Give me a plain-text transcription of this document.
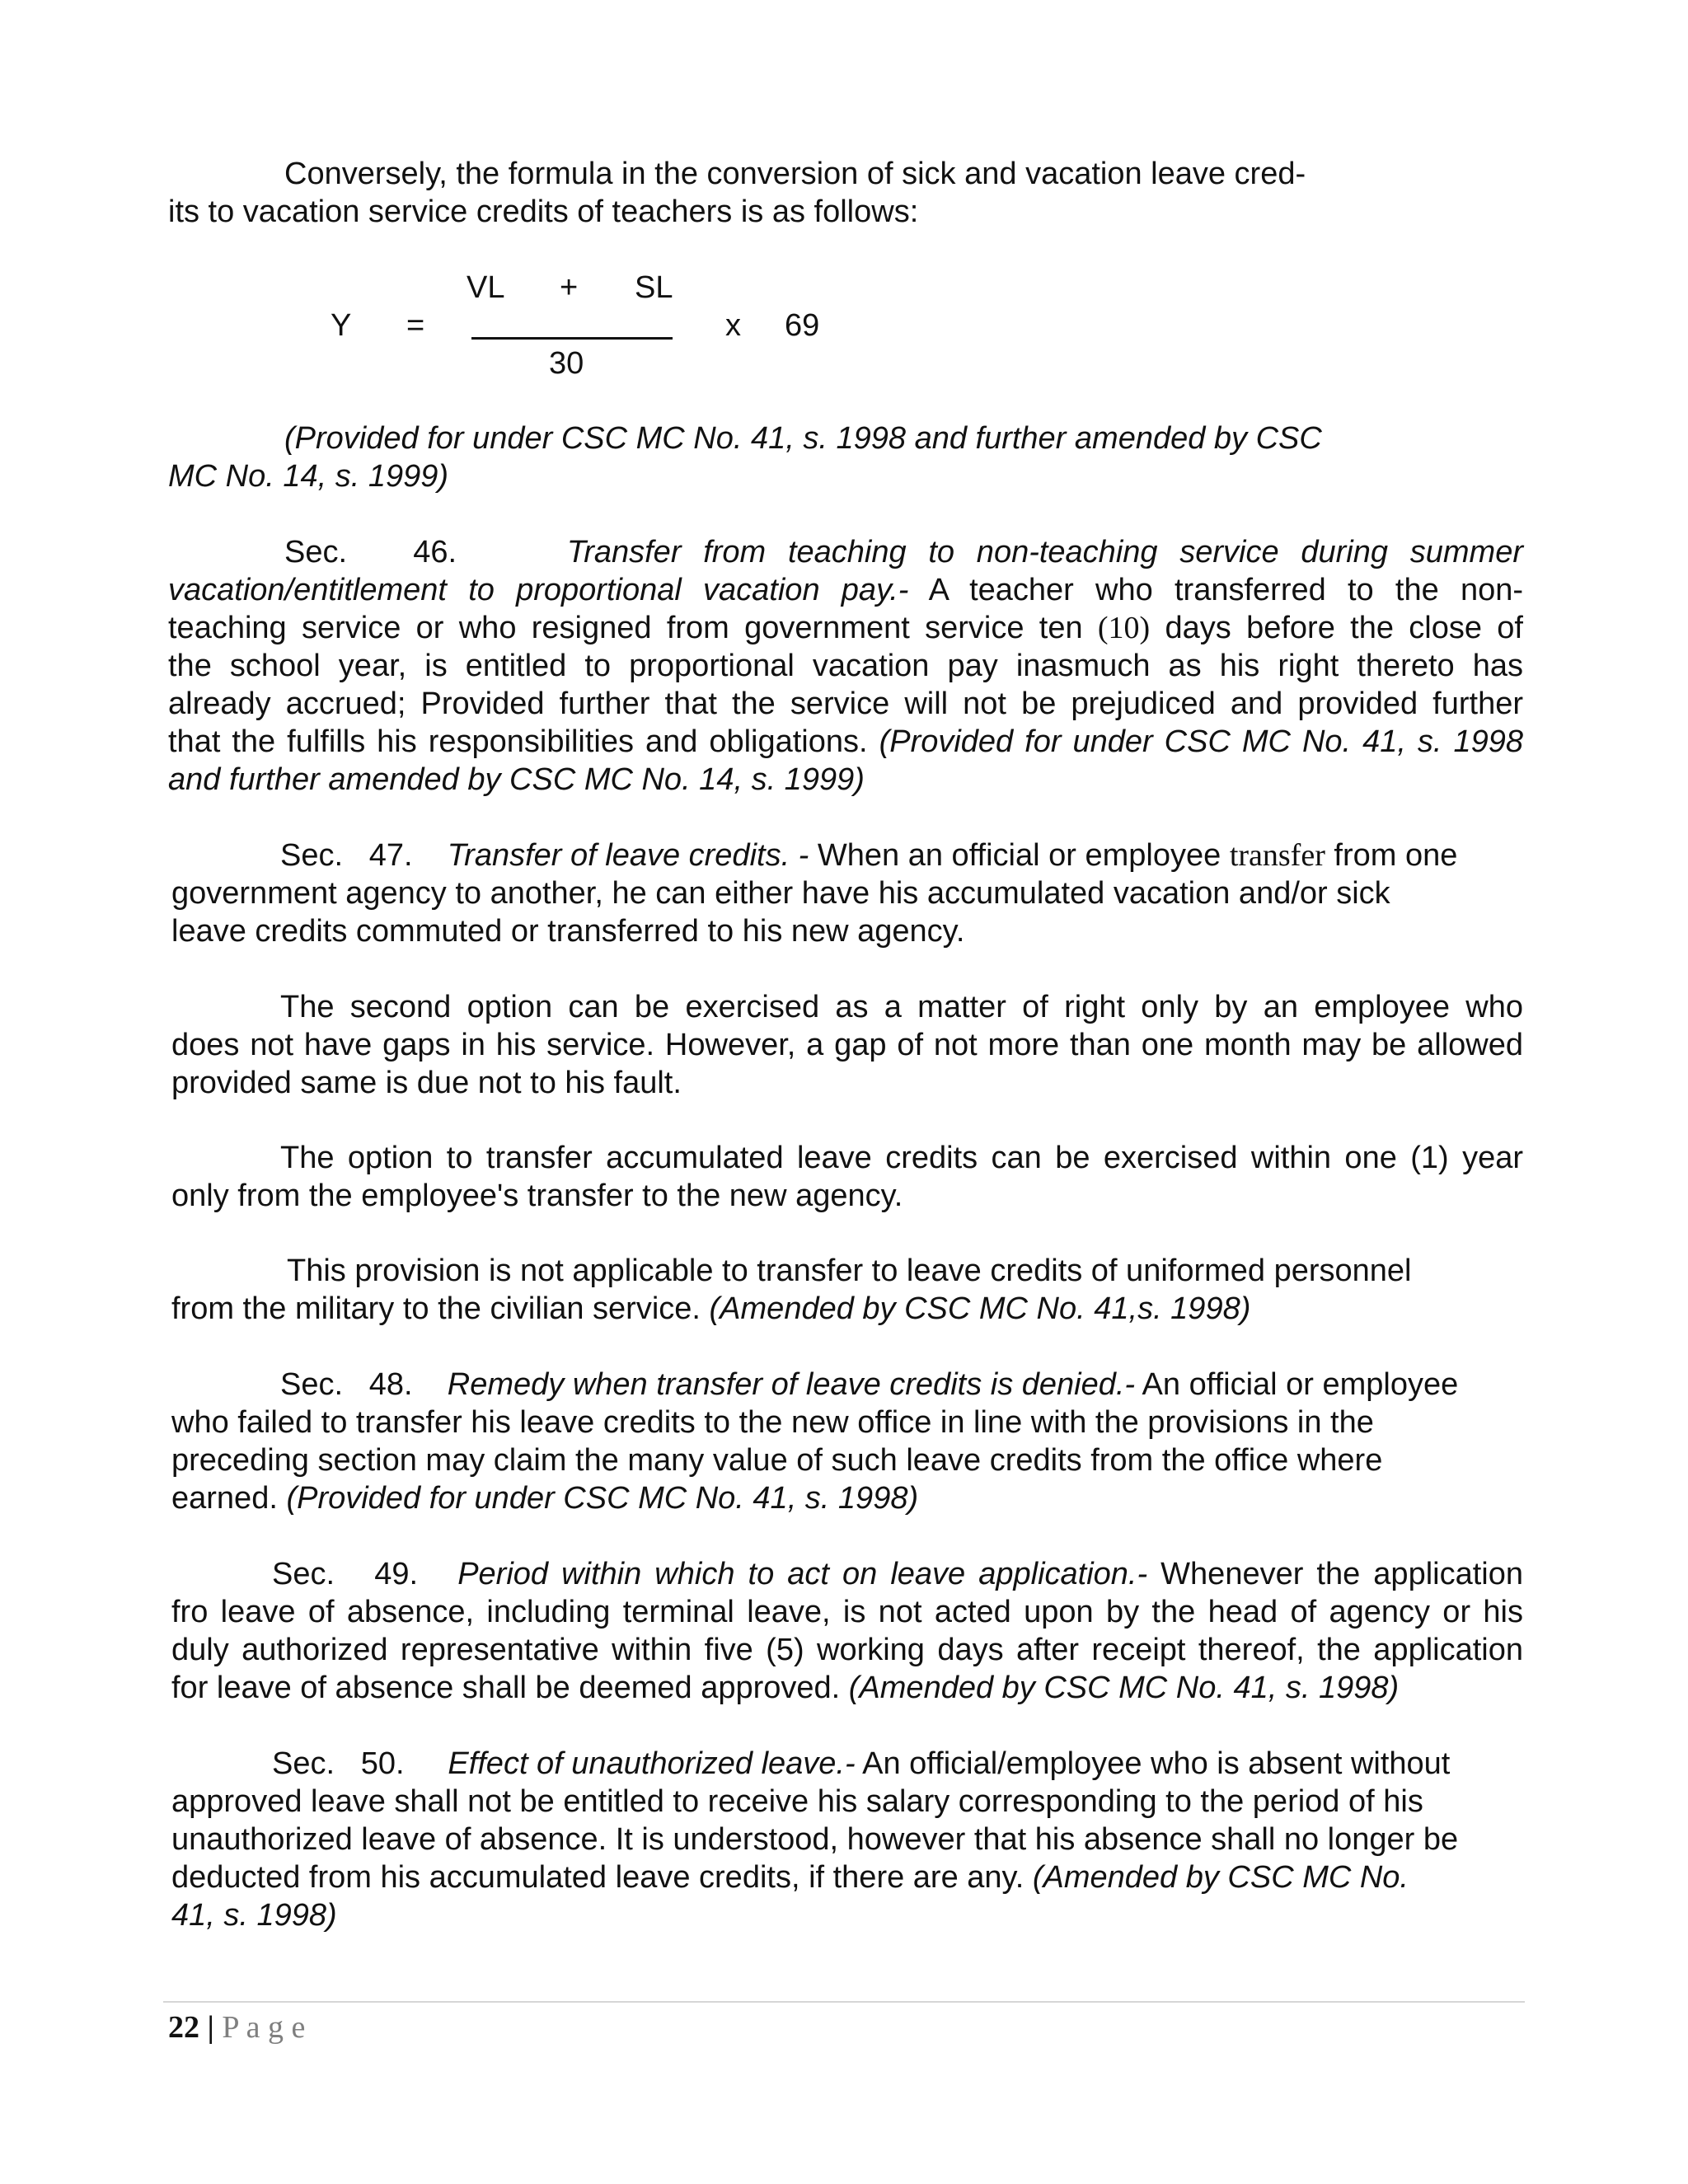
Conversely, the formula in the conversion of sick and vacation leave cred-
its to vacation service credits of teachers is as follows:
VL + SL
Y =	x 69
30
(Provided for under CSC MC No. 41, s. 1998 and further amended by CSC
MC No. 14, s. 1999)
Sec.   46.	Transfer from teaching to non-teaching service during summer
vacation/entitlement to proportional vacation pay.- A teacher who transferred to the non-
teaching service or who resigned from government service ten (10) days before the close of
the school year, is entitled to proportional vacation pay inasmuch as his right thereto has
already accrued; Provided further that the service will not be prejudiced and provided further
that the fulfills his responsibilities and obligations. (Provided for under CSC MC No. 41, s. 1998
and further amended by CSC MC No. 14, s. 1999)
Sec.   47. Transfer of leave credits. - When an official or employee transfer from one
government agency to another, he can either have his accumulated vacation and/or sick
leave credits commuted or transferred to his new agency.
The second option can be exercised as a matter of right only by an employee who
does not have gaps in his service. However, a gap of not more than one month may be allowed
provided same is due not to his fault.
The option to transfer accumulated leave credits can be exercised within one (1) year
only from the employee's transfer to the new agency.
This provision is not applicable to transfer to leave credits of uniformed personnel
from the military to the civilian service. (Amended by CSC MC No. 41,s. 1998)
Sec.   48. Remedy when transfer of leave credits is denied.- An official or employee
who failed to transfer his leave credits to the new office in line with the provisions in the
preceding section may claim the many value of such leave credits from the office where
earned. (Provided for under CSC MC No. 41, s. 1998)
Sec.   49. Period within which to act on leave application.- Whenever the application
fro leave of absence, including terminal leave, is not acted upon by the head of agency or his
duly authorized representative within five (5) working days after receipt thereof, the application
for leave of absence shall be deemed approved. (Amended by CSC MC No. 41, s. 1998)
Sec.   50. Effect of unauthorized leave.- An official/employee who is absent without
approved leave shall not be entitled to receive his salary corresponding to the period of his
unauthorized leave of absence. It is understood, however that his absence shall no longer be
deducted from his accumulated leave credits, if there are any. (Amended by CSC MC No.
41, s. 1998)
22 | P a g e
